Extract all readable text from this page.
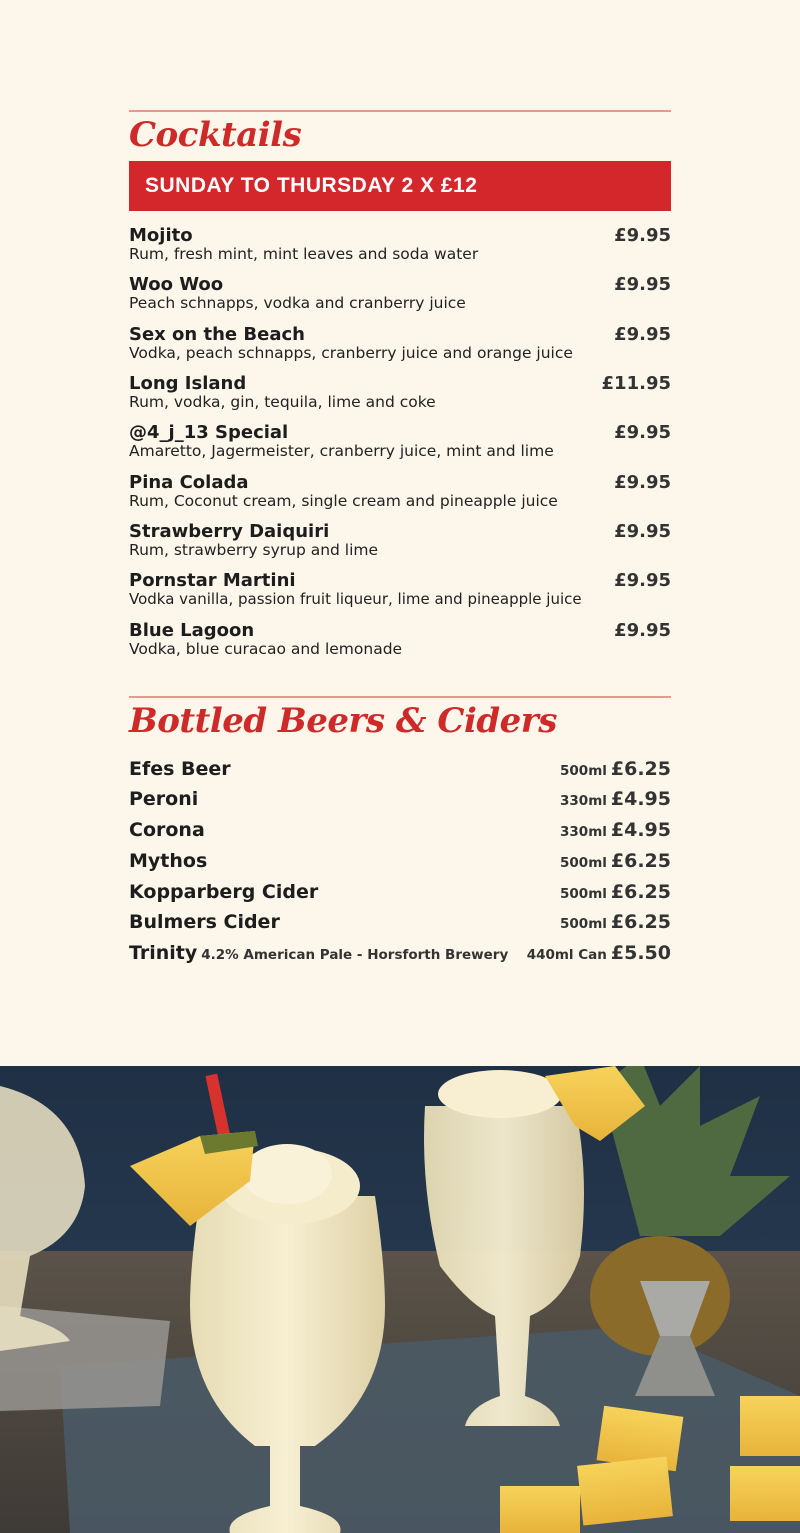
Cocktails
SUNDAY TO THURSDAY 2 X £12
Mojito	£9.95
Rum, fresh mint, mint leaves and soda water
Woo Woo	£9.95
Peach schnapps, vodka and cranberry juice
Sex on the Beach	£9.95
Vodka, peach schnapps, cranberry juice and orange juice
Long Island	£11.95
Rum, vodka, gin, tequila, lime and coke
@4_j_13 Special	£9.95
Amaretto, Jagermeister, cranberry juice, mint and lime
Pina Colada	£9.95
Rum, Coconut cream, single cream and pineapple juice
Strawberry Daiquiri	£9.95
Rum, strawberry syrup and lime
Pornstar Martini	£9.95
Vodka vanilla, passion fruit liqueur, lime and pineapple juice
Blue Lagoon	£9.95
Vodka, blue curacao and lemonade
Bottled Beers & Ciders
Efes Beer	500ml £6.25
Peroni	330ml £4.95
Corona	330ml £4.95
Mythos	500ml £6.25
Kopparberg Cider	500ml £6.25
Bulmers Cider	500ml £6.25
Trinity 4.2% American Pale - Horsforth Brewery 440ml Can £5.50
